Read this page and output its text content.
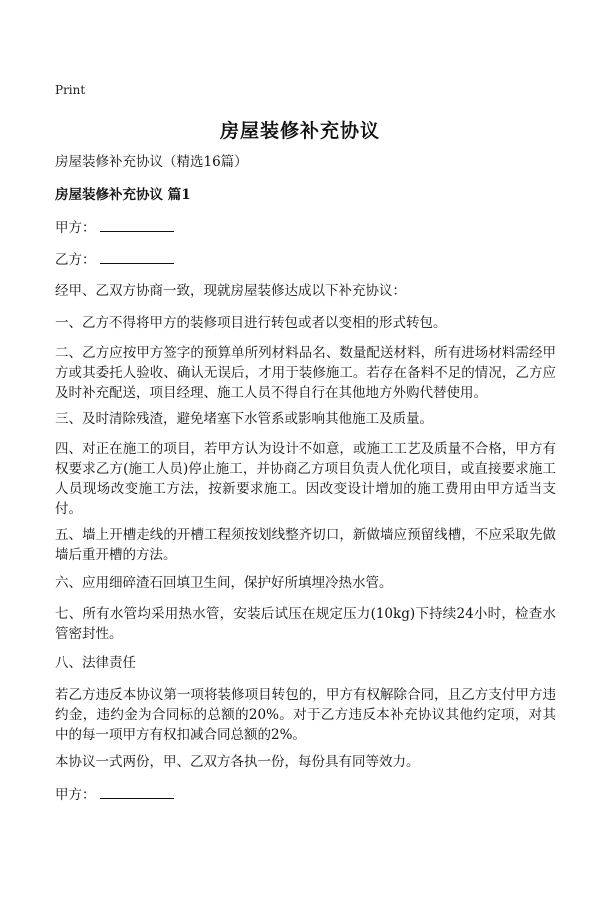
Print
房屋装修补充协议
房屋装修补充协议（精选16篇）
房屋装修补充协议 篇1
甲方：
乙方：
经甲、乙双方协商一致，现就房屋装修达成以下补充协议：
一、乙方不得将甲方的装修项目进行转包或者以变相的形式转包。
二、乙方应按甲方签字的预算单所列材料品名、数量配送材料，所有进场材料需经甲方或其委托人验收、确认无误后，才用于装修施工。若存在备料不足的情况，乙方应及时补充配送，项目经理、施工人员不得自行在其他地方外购代替使用。
三、及时清除残渣，避免堵塞下水管系或影响其他施工及质量。
四、对正在施工的项目，若甲方认为设计不如意，或施工工艺及质量不合格，甲方有权要求乙方(施工人员)停止施工，并协商乙方项目负责人优化项目，或直接要求施工人员现场改变施工方法，按新要求施工。因改变设计增加的施工费用由甲方适当支付。
五、墙上开槽走线的开槽工程须按划线整齐切口，新做墙应预留线槽，不应采取先做墙后重开槽的方法。
六、应用细碎渣石回填卫生间，保护好所填埋冷热水管。
七、所有水管均采用热水管，安装后试压在规定压力(10kg)下持续24小时，检查水管密封性。
八、法律责任
若乙方违反本协议第一项将装修项目转包的，甲方有权解除合同，且乙方支付甲方违约金，违约金为合同标的总额的20%。对于乙方违反本补充协议其他约定项，对其中的每一项甲方有权扣减合同总额的2%。
本协议一式两份，甲、乙双方各执一份，每份具有同等效力。
甲方：
